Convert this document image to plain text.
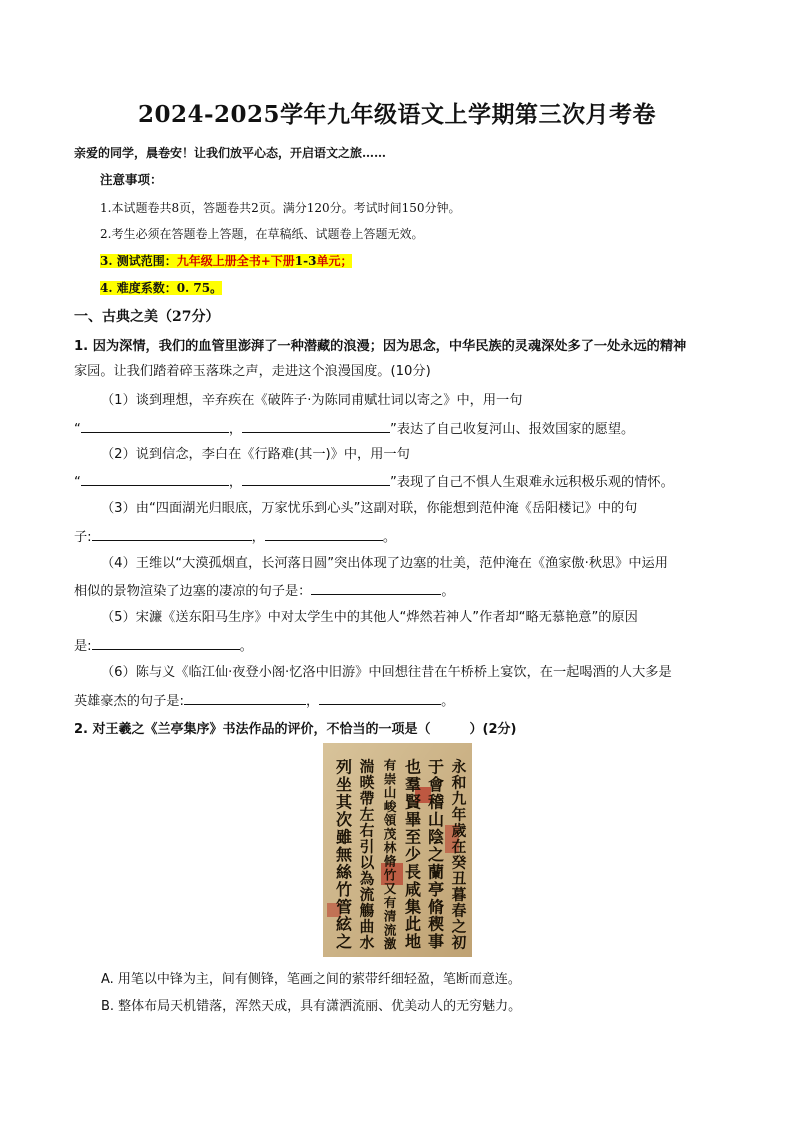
2024-2025学年九年级语文上学期第三次月考卷
亲爱的同学，晨卷安！让我们放平心态，开启语文之旅……
注意事项：
1.本试题卷共8页，答题卷共2页。满分120分。考试时间150分钟。
2.考生必须在答题卷上答题，在草稿纸、试题卷上答题无效。
3. 测试范围：九年级上册全书+下册1-3单元；
4. 难度系数：0. 75。
一、古典之美（27分）
1. 因为深情，我们的血管里澎湃了一种潜藏的浪漫；因为思念，中华民族的灵魂深处多了一处永远的精神
家园。让我们踏着碎玉落珠之声，走进这个浪漫国度。(10分)
（1）谈到理想，辛弃疾在《破阵子·为陈同甫赋壮词以寄之》中，用一句
“	，	”表达了自己收复河山、报效国家的愿望。
（2）说到信念，李白在《行路难(其一)》中，用一句
“	，	”表现了自己不惧人生艰难永远积极乐观的情怀。
（3）由“四面湖光归眼底，万家忧乐到心头”这副对联，你能想到范仲淹《岳阳楼记》中的句
子:	，	。
（4）王维以“大漠孤烟直，长河落日圆”突出体现了边塞的壮美，范仲淹在《渔家傲·秋思》中运用
相似的景物渲染了边塞的凄凉的句子是：	。
（5）宋濂《送东阳马生序》中对太学生中的其他人“烨然若神人”作者却“略无慕艳意”的原因
是:	。
（6）陈与义《临江仙·夜登小阁·忆洛中旧游》中回想往昔在午桥桥上宴饮，在一起喝酒的人大多是
英雄豪杰的句子是:	，	。
2. 对王羲之《兰亭集序》书法作品的评价，不恰当的一项是（　　　）(2分)
永
和
九
年
歲
在
癸
丑
暮
春
之
初
于
會
稽
山
陰
之
蘭
亭
脩
稧
事
也
羣
賢
畢
至
少
長
咸
集
此
地
有
崇
山
峻
領
茂
林
脩
竹
又
有
清
流
激
湍
暎
帶
左
右
引
以
為
流
觴
曲
水
列
坐
其
次
雖
無
絲
竹
管
絃
之
A. 用笔以中锋为主，间有侧锋，笔画之间的萦带纤细轻盈，笔断而意连。
B. 整体布局天机错落，浑然天成，具有潇洒流丽、优美动人的无穷魅力。
